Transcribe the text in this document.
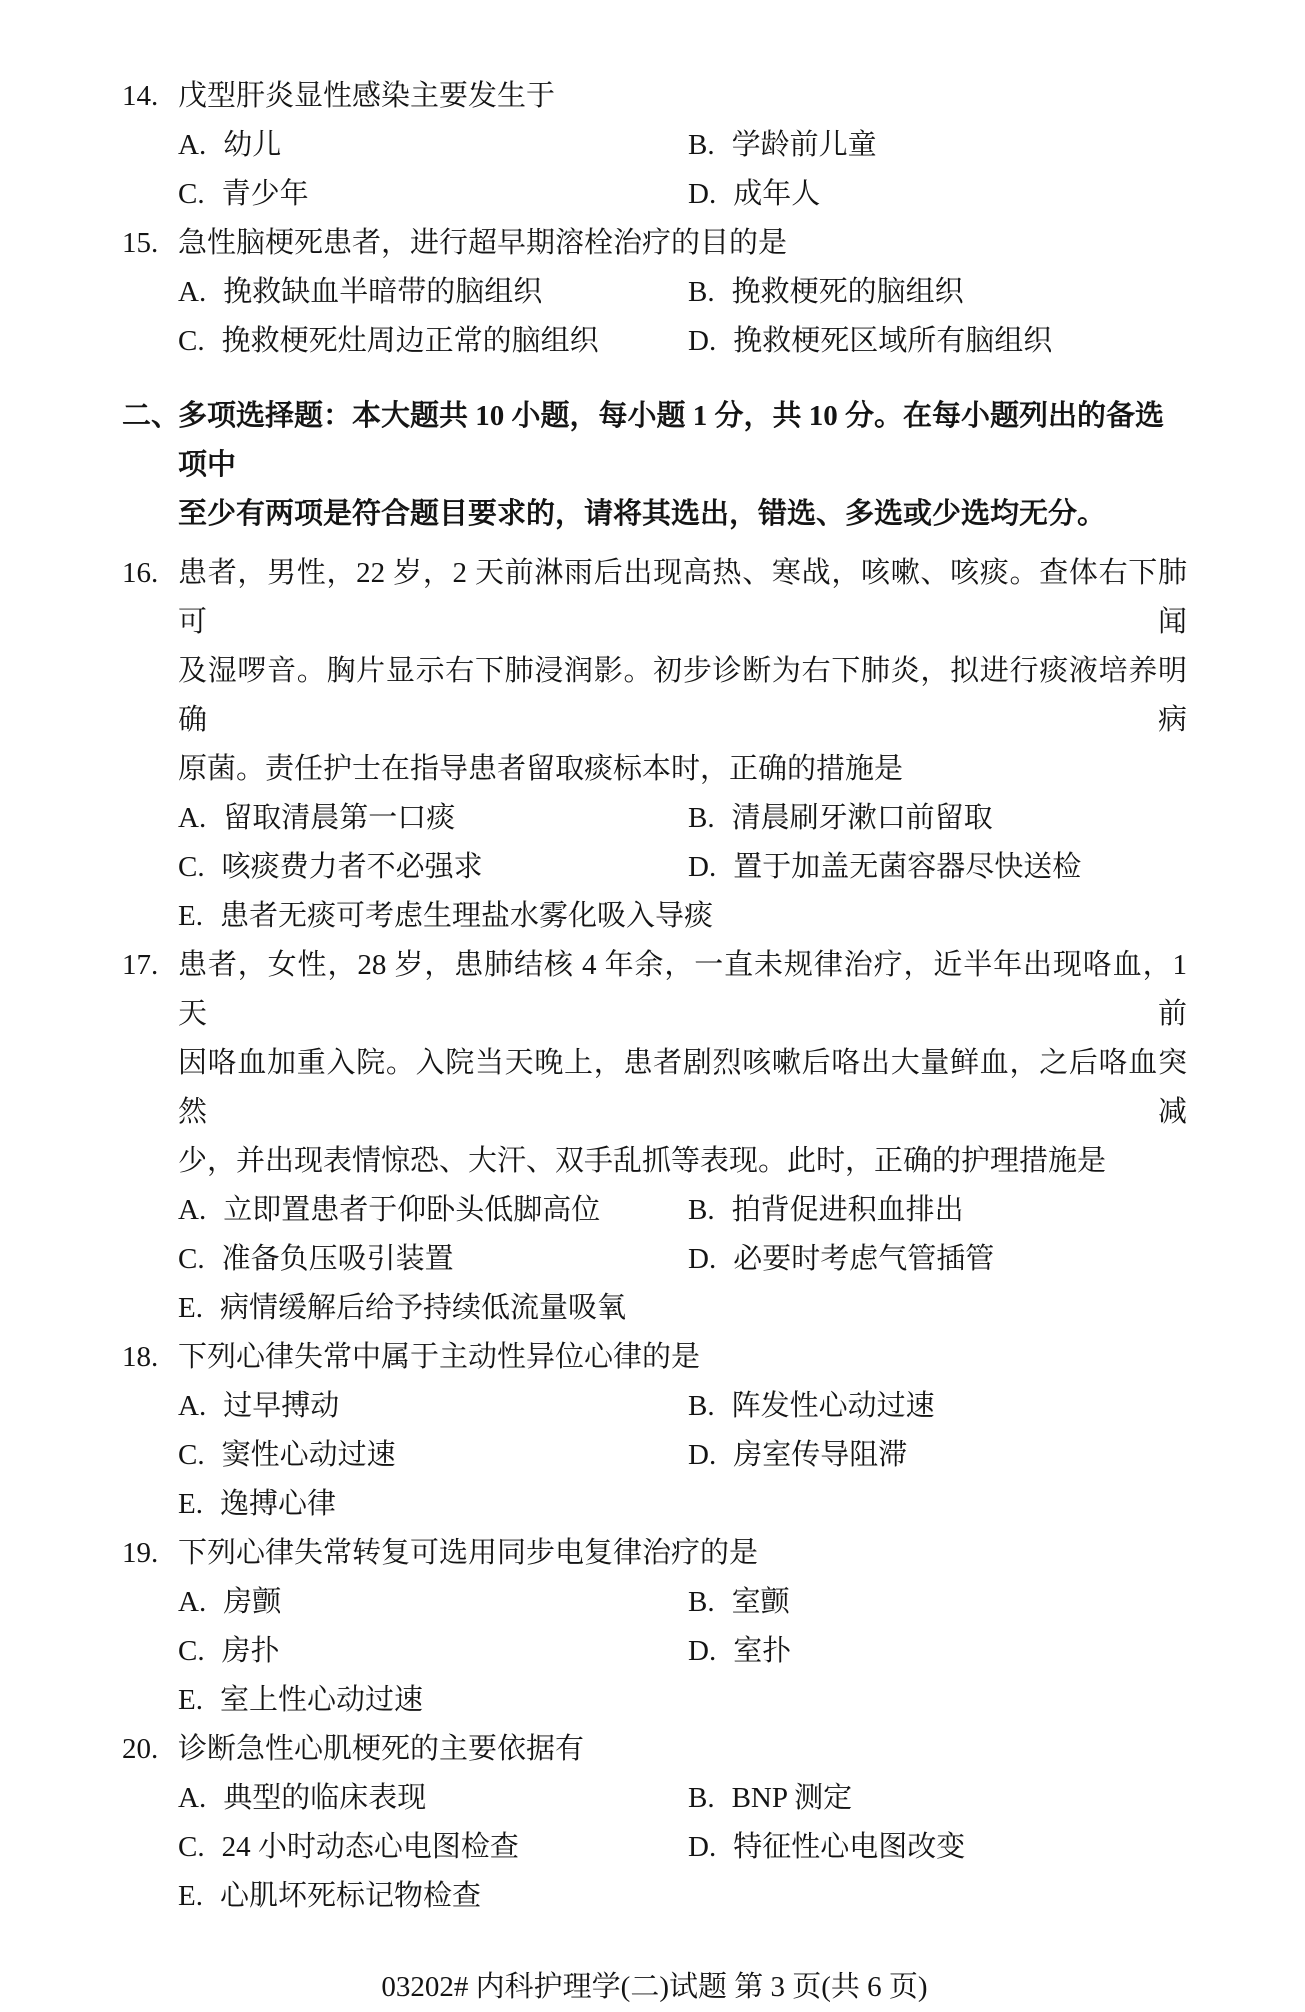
14. 戊型肝炎显性感染主要发生于
A. 幼儿	B. 学龄前儿童
C. 青少年	D. 成年人
15. 急性脑梗死患者，进行超早期溶栓治疗的目的是
A. 挽救缺血半暗带的脑组织	B. 挽救梗死的脑组织
C. 挽救梗死灶周边正常的脑组织	D. 挽救梗死区域所有脑组织
二、
多项选择题：本大题共 10 小题，每小题 1 分，共 10 分。在每小题列出的备选项中
至少有两项是符合题目要求的，请将其选出，错选、多选或少选均无分。
16. 患者，男性，22 岁，2 天前淋雨后出现高热、寒战，咳嗽、咳痰。查体右下肺可闻
及湿啰音。胸片显示右下肺浸润影。初步诊断为右下肺炎，拟进行痰液培养明确病
原菌。责任护士在指导患者留取痰标本时，正确的措施是
A. 留取清晨第一口痰	B. 清晨刷牙漱口前留取
C. 咳痰费力者不必强求	D. 置于加盖无菌容器尽快送检
E. 患者无痰可考虑生理盐水雾化吸入导痰
17. 患者，女性，28 岁，患肺结核 4 年余，一直未规律治疗，近半年出现咯血，1 天前
因咯血加重入院。入院当天晚上，患者剧烈咳嗽后咯出大量鲜血，之后咯血突然减
少，并出现表情惊恐、大汗、双手乱抓等表现。此时，正确的护理措施是
A. 立即置患者于仰卧头低脚高位	B. 拍背促进积血排出
C. 准备负压吸引装置	D. 必要时考虑气管插管
E. 病情缓解后给予持续低流量吸氧
18. 下列心律失常中属于主动性异位心律的是
A. 过早搏动	B. 阵发性心动过速
C. 窦性心动过速	D. 房室传导阻滞
E. 逸搏心律
19. 下列心律失常转复可选用同步电复律治疗的是
A. 房颤	B. 室颤
C. 房扑	D. 室扑
E. 室上性心动过速
20. 诊断急性心肌梗死的主要依据有
A. 典型的临床表现	B. BNP 测定
C. 24 小时动态心电图检查	D. 特征性心电图改变
E. 心肌坏死标记物检查
03202# 内科护理学(二)试题 第 3 页(共 6 页)
